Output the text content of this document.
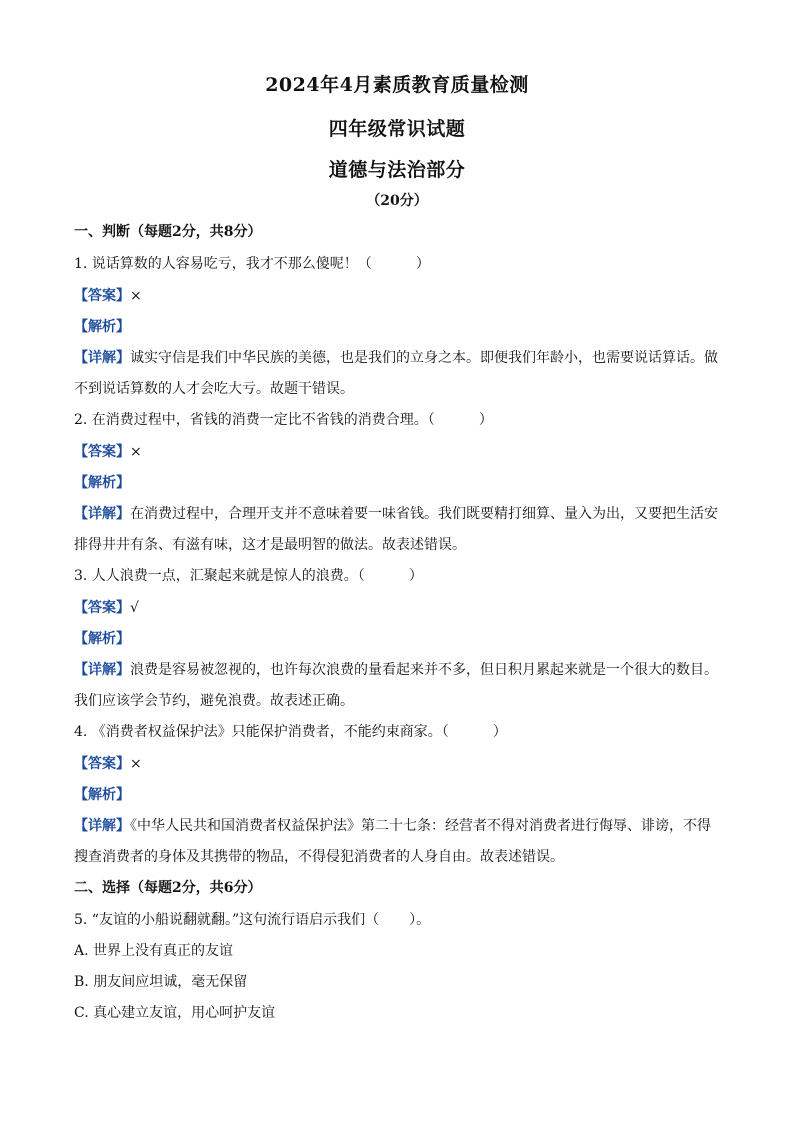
2024年4月素质教育质量检测
四年级常识试题
道德与法治部分
（20分）
一、判断（每题2分，共8分）
1. 说话算数的人容易吃亏，我才不那么傻呢！（	）
【答案】×
【解析】
【详解】诚实守信是我们中华民族的美德，也是我们的立身之本。即便我们年龄小，也需要说话算话。做
不到说话算数的人才会吃大亏。故题干错误。
2. 在消费过程中，省钱的消费一定比不省钱的消费合理。（	）
【答案】×
【解析】
【详解】在消费过程中，合理开支并不意味着要一味省钱。我们既要精打细算、量入为出，又要把生活安
排得井井有条、有滋有味，这才是最明智的做法。故表述错误。
3. 人人浪费一点，汇聚起来就是惊人的浪费。（	）
【答案】√
【解析】
【详解】浪费是容易被忽视的，也许每次浪费的量看起来并不多，但日积月累起来就是一个很大的数目。
我们应该学会节约，避免浪费。故表述正确。
4. 《消费者权益保护法》只能保护消费者，不能约束商家。（	）
【答案】×
【解析】
【详解】《中华人民共和国消费者权益保护法》第二十七条：经营者不得对消费者进行侮辱、诽谤，不得
搜查消费者的身体及其携带的物品，不得侵犯消费者的人身自由。故表述错误。
二、选择（每题2分，共6分）
5. “友谊的小船说翻就翻。”这句流行语启示我们（ ）。
A. 世界上没有真正的友谊
B. 朋友间应坦诚，毫无保留
C. 真心建立友谊，用心呵护友谊
